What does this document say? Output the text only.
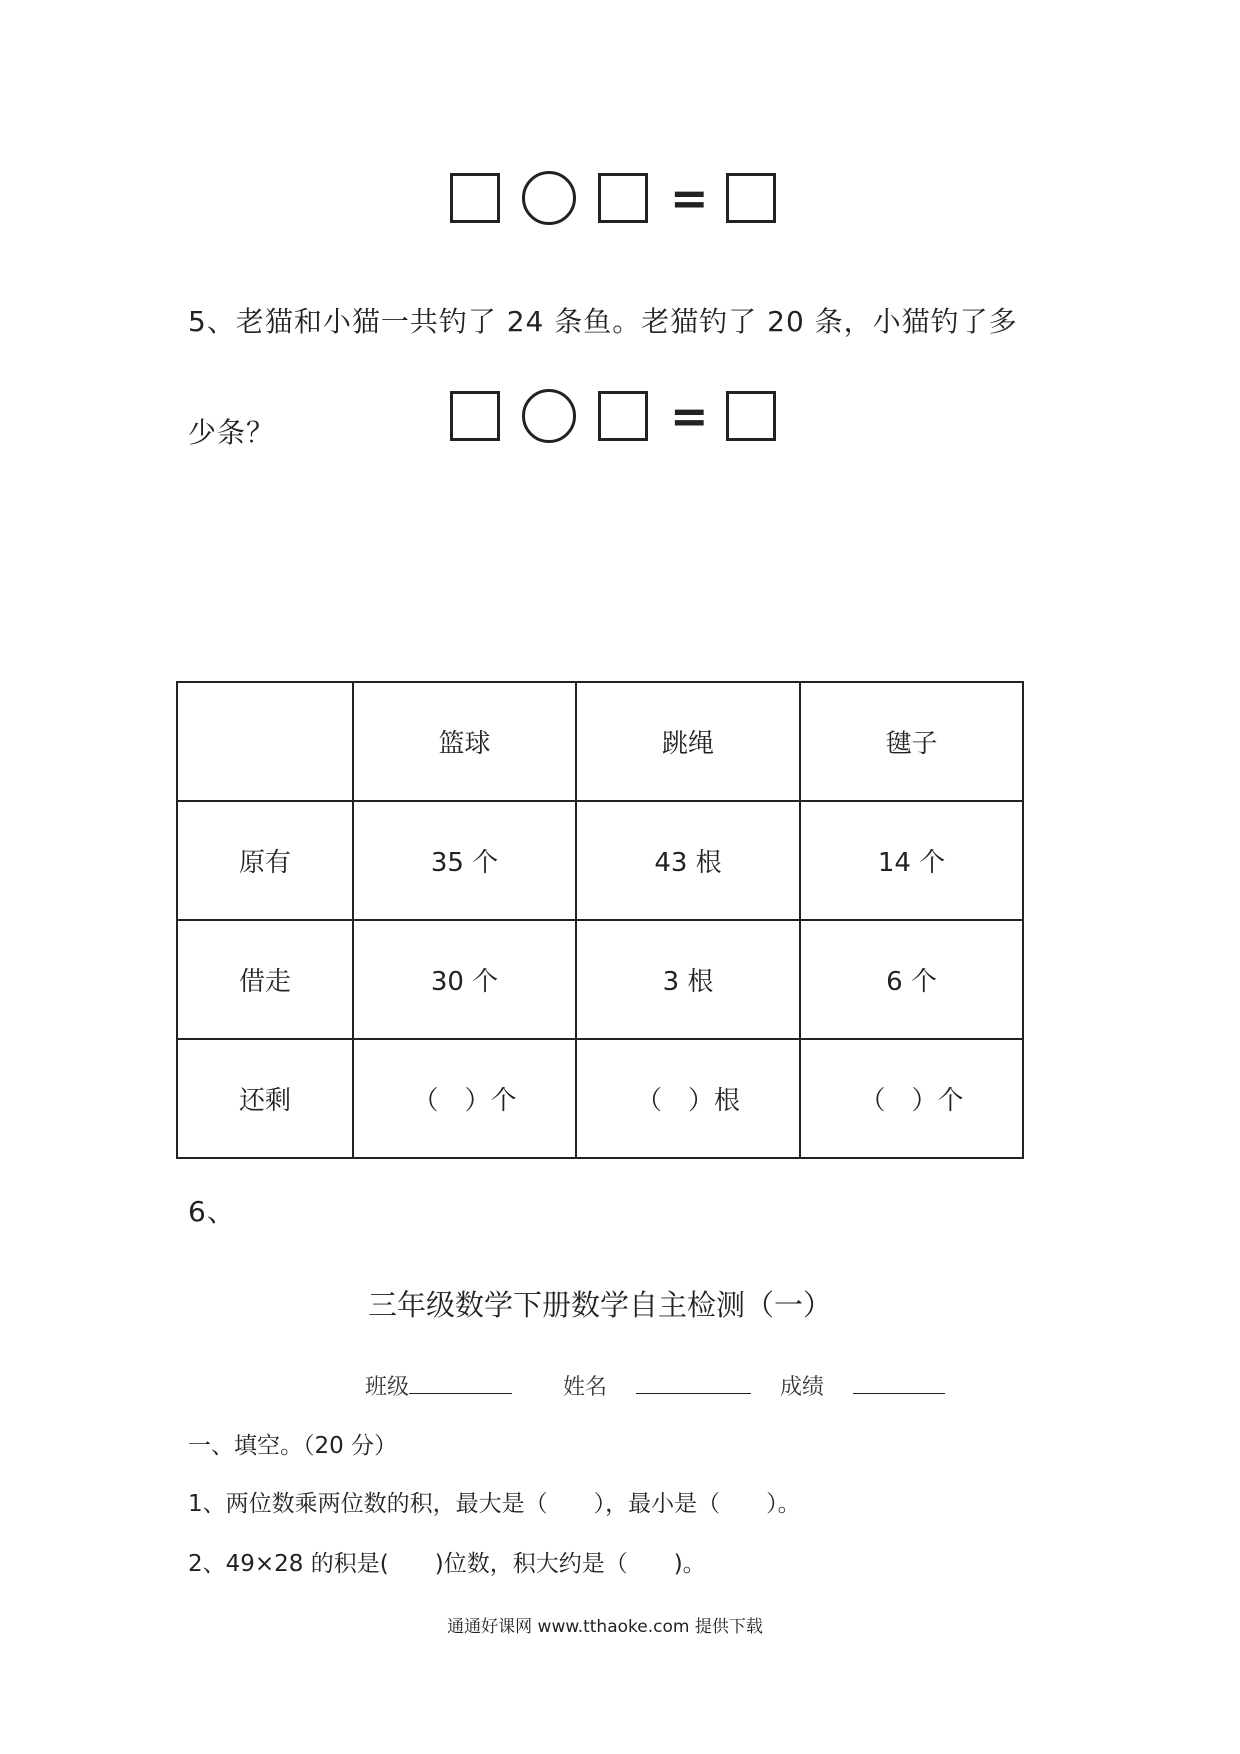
=
5、老猫和小猫一共钓了 24 条鱼。老猫钓了 20 条，小猫钓了多
少条？	=
	篮球	跳绳	毽子
原有	35 个	43 根	14 个
借走	30 个	3 根	6 个
还剩	（　）个	（　）根	（　）个
6、
三年级数学下册数学自主检测（一）
班级	姓名	成绩
一、填空。（20 分）
1、两位数乘两位数的积，最大是（　　），最小是（　　）。
2、49×28 的积是(　　)位数，积大约是（　　)。
通通好课网 www.tthaoke.com 提供下载
